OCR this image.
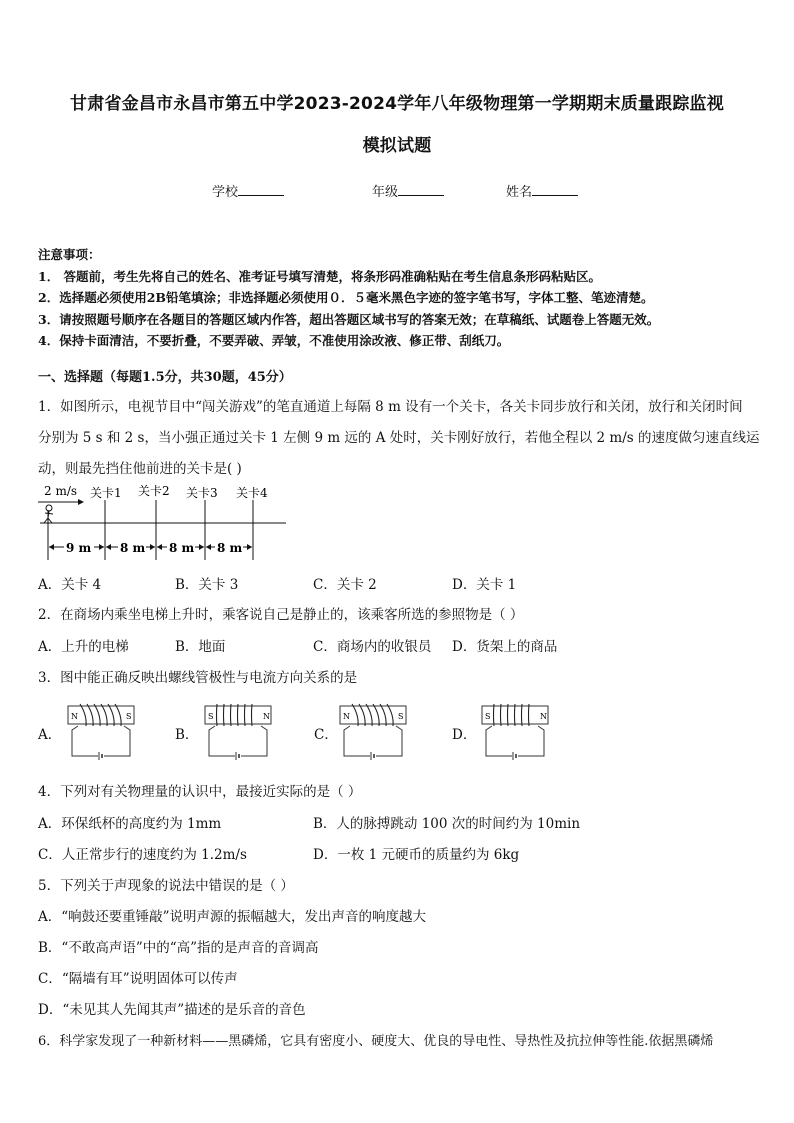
甘肃省金昌市永昌市第五中学2023-2024学年八年级物理第一学期期末质量跟踪监视
模拟试题
学校	年级	姓名
注意事项：
1． 答题前，考生先将自己的姓名、准考证号填写清楚，将条形码准确粘贴在考生信息条形码粘贴区。
2．选择题必须使用2B铅笔填涂；非选择题必须使用０．５毫米黑色字迹的签字笔书写，字体工整、笔迹清楚。
3．请按照题号顺序在各题目的答题区域内作答，超出答题区域书写的答案无效；在草稿纸、试题卷上答题无效。
4．保持卡面清洁，不要折叠，不要弄破、弄皱，不准使用涂改液、修正带、刮纸刀。
一、选择题（每题1.5分，共30题，45分）
1．如图所示，电视节目中“闯关游戏”的笔直通道上每隔 8 m 设有一个关卡，各关卡同步放行和关闭，放行和关闭时间
分别为 5 s 和 2 s，当小强正通过关卡 1 左侧 9 m 远的 A 处时，关卡刚好放行，若他全程以 2 m/s 的速度做匀速直线运
动，则最先挡住他前进的关卡是( )
2 m/s 关卡1 关卡2 关卡3 关卡4
9 m 8 m 8 m 8 m
A．关卡 4	B．关卡 3	C．关卡 2	D．关卡 1
2．在商场内乘坐电梯上升时，乘客说自己是静止的，该乘客所选的参照物是（ ）
A．上升的电梯	B．地面	C．商场内的收银员 D．货架上的商品
3．图中能正确反映出螺线管极性与电流方向关系的是
A．	B．	C．	D．
N	S	S	N	N	S	S	N
4．下列对有关物理量的认识中，最接近实际的是（ ）
A．环保纸杯的高度约为 1mm	B．人的脉搏跳动 100 次的时间约为 10min
C．人正常步行的速度约为 1.2m/s	D．一枚 1 元硬币的质量约为 6kg
5．下列关于声现象的说法中错误的是（ ）
A．“响鼓还要重锤敲”说明声源的振幅越大，发出声音的响度越大
B．“不敢高声语”中的“高”指的是声音的音调高
C．“隔墙有耳”说明固体可以传声
D．“未见其人先闻其声”描述的是乐音的音色
6．科学家发现了一种新材料——黑磷烯，它具有密度小、硬度大、优良的导电性、导热性及抗拉伸等性能.依据黑磷烯
